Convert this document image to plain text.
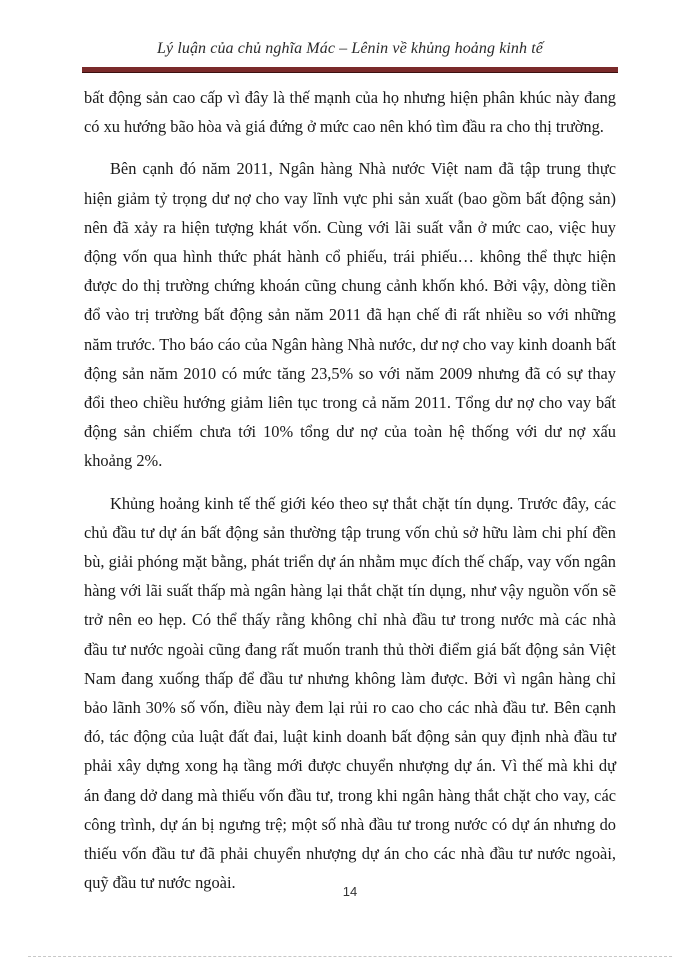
Lý luận của chủ nghĩa Mác – Lênin về khủng hoảng kinh tế

bất động sản cao cấp vì đây là thế mạnh của họ nhưng hiện phân khúc này đang có xu hướng bão hòa và giá đứng ở mức cao nên khó tìm đầu ra cho thị trường.

Bên cạnh đó năm 2011, Ngân hàng Nhà nước Việt nam đã tập trung thực hiện giảm tỷ trọng dư nợ cho vay lĩnh vực phi sản xuất (bao gồm bất động sản) nên đã xảy ra hiện tượng khát vốn. Cùng với lãi suất vẫn ở mức cao, việc huy động vốn qua hình thức phát hành cổ phiếu, trái phiếu… không thể thực hiện được do thị trường chứng khoán cũng chung cảnh khốn khó. Bởi vậy, dòng tiền đổ vào trị trường bất động sản năm 2011 đã hạn chế đi rất nhiều so với những năm trước. Tho báo cáo của Ngân hàng Nhà nước, dư nợ cho vay kinh doanh bất động sản năm 2010 có mức tăng 23,5% so với năm 2009 nhưng đã có sự thay đổi theo chiều hướng giảm liên tục trong cả năm 2011. Tổng dư nợ cho vay bất động sản chiếm chưa tới 10% tổng dư nợ của toàn hệ thống với dư nợ xấu khoảng 2%.

Khủng hoảng kinh tế thế giới kéo theo sự thắt chặt tín dụng. Trước đây, các chủ đầu tư dự án bất động sản thường tập trung vốn chủ sở hữu làm chi phí đền bù, giải phóng mặt bằng, phát triển dự án nhằm mục đích thế chấp, vay vốn ngân hàng với lãi suất thấp mà ngân hàng lại thắt chặt tín dụng, như vậy nguồn vốn sẽ trở nên eo hẹp. Có thể thấy rằng không chỉ nhà đầu tư trong nước mà các nhà đầu tư nước ngoài cũng đang rất muốn tranh thủ thời điểm giá bất động sản Việt Nam đang xuống thấp để đầu tư nhưng không làm được. Bởi vì ngân hàng chỉ bảo lãnh 30% số vốn, điều này đem lại rủi ro cao cho các nhà đầu tư. Bên cạnh đó, tác động của luật đất đai, luật kinh doanh bất động sản quy định nhà đầu tư phải xây dựng xong hạ tầng mới được chuyển nhượng dự án. Vì thế mà khi dự án đang dở dang mà thiếu vốn đầu tư, trong khi ngân hàng thắt chặt cho vay, các công trình, dự án bị ngưng trệ; một số nhà đầu tư trong nước có dự án nhưng do thiếu vốn đầu tư đã phải chuyển nhượng dự án cho các nhà đầu tư nước ngoài, quỹ đầu tư nước ngoài.	14
